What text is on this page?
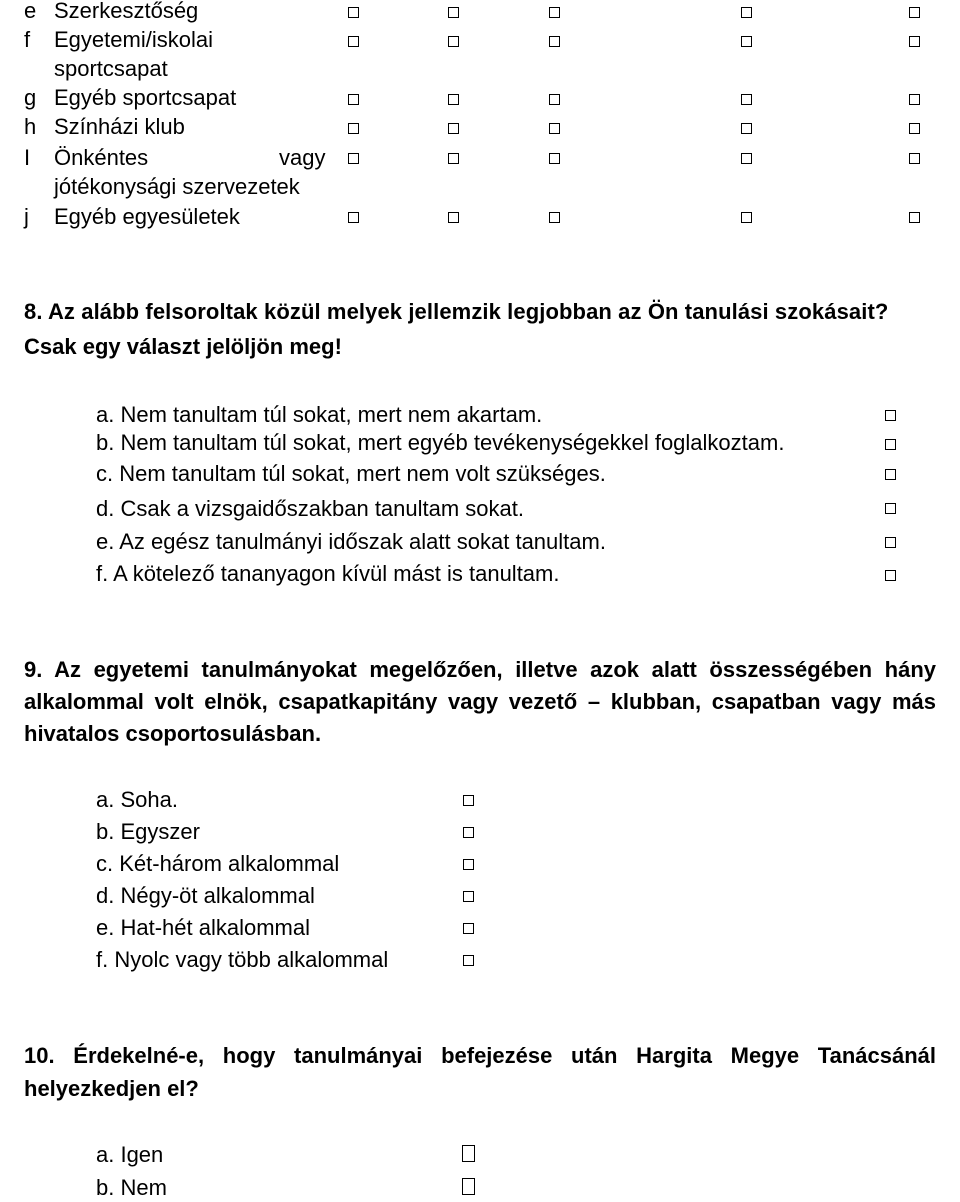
e Szerkesztőség
f Egyetemi/iskolai
sportcsapat
g Egyéb sportcsapat
h Színházi klub
I Önkéntes	vagy
jótékonysági szervezetek
j Egyéb egyesületek
8. Az alább felsoroltak közül melyek jellemzik legjobban az Ön tanulási szokásait?
Csak egy választ jelöljön meg!
a. Nem tanultam túl sokat, mert nem akartam.
b. Nem tanultam túl sokat, mert egyéb tevékenységekkel foglalkoztam.
c. Nem tanultam túl sokat, mert nem volt szükséges.
d. Csak a vizsgaidőszakban tanultam sokat.
e. Az egész tanulmányi időszak alatt sokat tanultam.
f. A kötelező tananyagon kívül mást is tanultam.
9. Az egyetemi tanulmányokat megelőzően, illetve azok alatt összességében hány
alkalommal volt elnök, csapatkapitány vagy vezető – klubban, csapatban vagy más
hivatalos csoportosulásban.
a. Soha.
b. Egyszer
c. Két-három alkalommal
d. Négy-öt alkalommal
e. Hat-hét alkalommal
f. Nyolc vagy több alkalommal
10. Érdekelné-e, hogy tanulmányai befejezése után Hargita Megye Tanácsánál
helyezkedjen el?
a. Igen
b. Nem
